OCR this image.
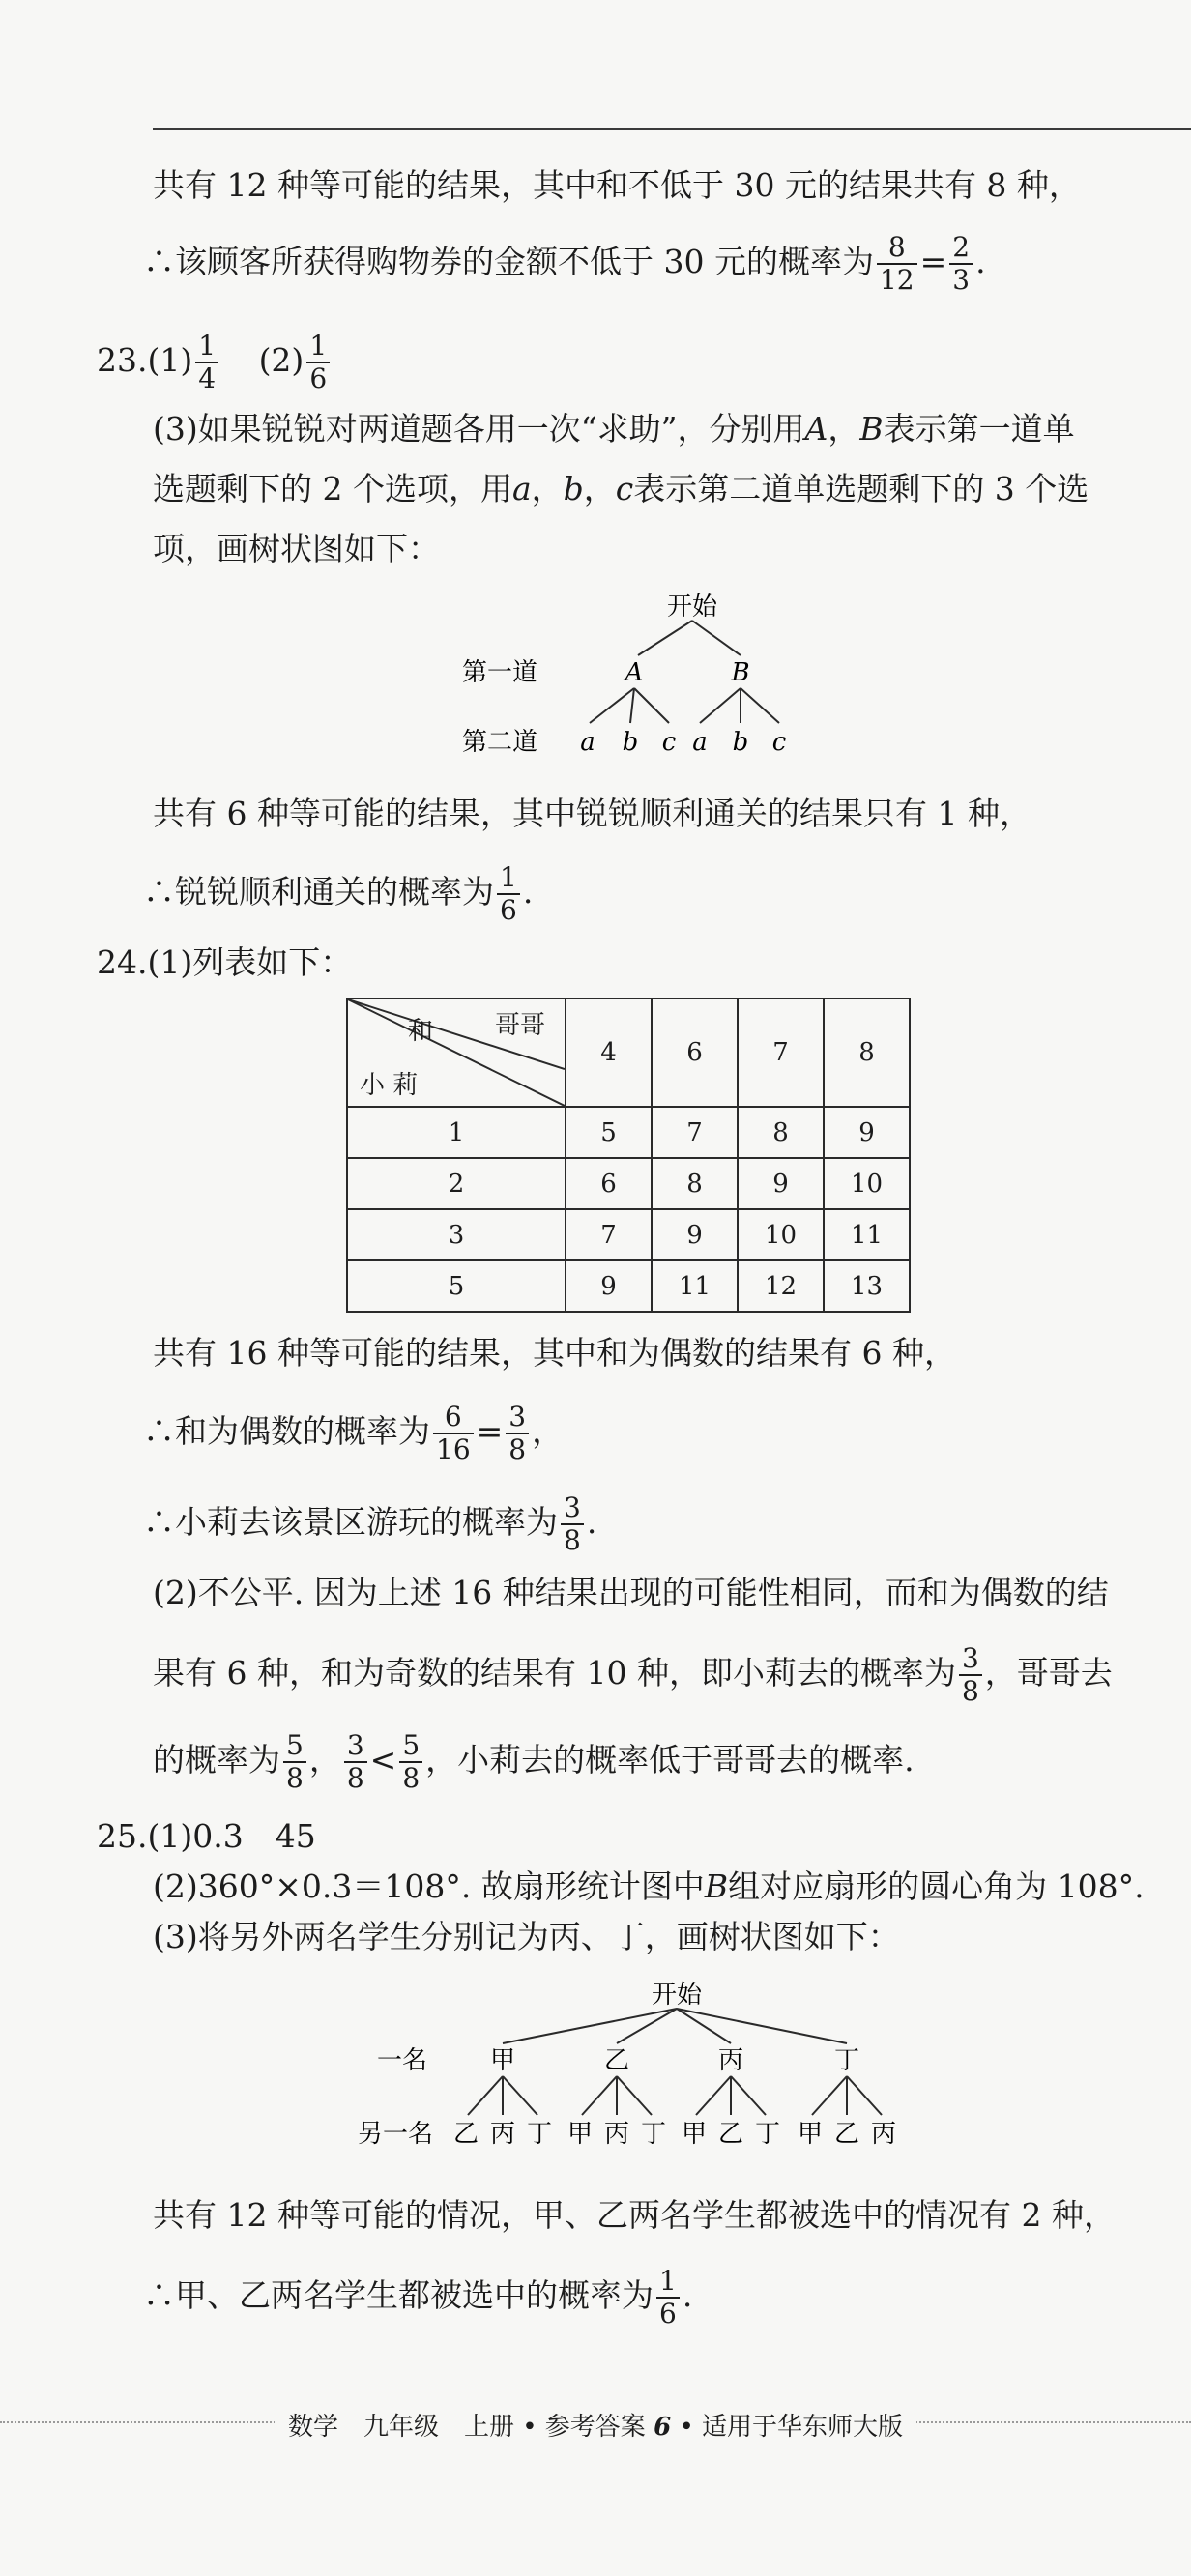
共有 12 种等可能的结果，其中和不低于 30 元的结果共有 8 种，
∴该顾客所获得购物券的金额不低于 30 元的概率为 $\frac{8}{12} = \frac{2}{3}$ .
$23.(1) \frac{1}{4} (2) \frac{1}{6}$
(3)如果锐锐对两道题各用一次“求助”，分别用A，B表示第一道单
选题剩下的 2 个选项，用a，b，c表示第二道单选题剩下的 3 个选
项，画树状图如下：
开始
第一道	A	B
第二道 a b c a b c
共有 6 种等可能的结果，其中锐锐顺利通关的结果只有 1 种，
∴锐锐顺利通关的概率为 $\frac{1}{6}$ .
24.(1)列表如下：
和 哥哥
小 莉	4	6	7	8
1	5	7	8	9
2	6	8	9	10
3	7	9	10	11
5	9	11	12	13
共有 16 种等可能的结果，其中和为偶数的结果有 6 种，
∴和为偶数的概率为 $\frac{6}{16} = \frac{3}{8}$ ，
∴小莉去该景区游玩的概率为 $\frac{3}{8}$ .
(2)不公平. 因为上述 16 种结果出现的可能性相同，而和为偶数的结
果有 6 种，和为奇数的结果有 10 种，即小莉去的概率为 $\frac{3}{8}$ ，哥哥去
的概率为 $\frac{5}{8}$ ， $\frac{3}{8} < \frac{5}{8}$ ，小莉去的概率低于哥哥去的概率.
25.(1)0.3　45
(2)360°×0.3＝108°. 故扇形统计图中B组对应扇形的圆心角为 108°.
(3)将另外两名学生分别记为丙、丁，画树状图如下：
开始
一名 甲	乙	丙	丁
另一名 乙 丙 丁 甲 丙 丁 甲 乙 丁 甲 乙 丙
共有 12 种等可能的情况，甲、乙两名学生都被选中的情况有 2 种，
∴甲、乙两名学生都被选中的概率为 $\frac{1}{6}$ .
数学　九年级　上册 • 参考答案 6 • 适用于华东师大版
